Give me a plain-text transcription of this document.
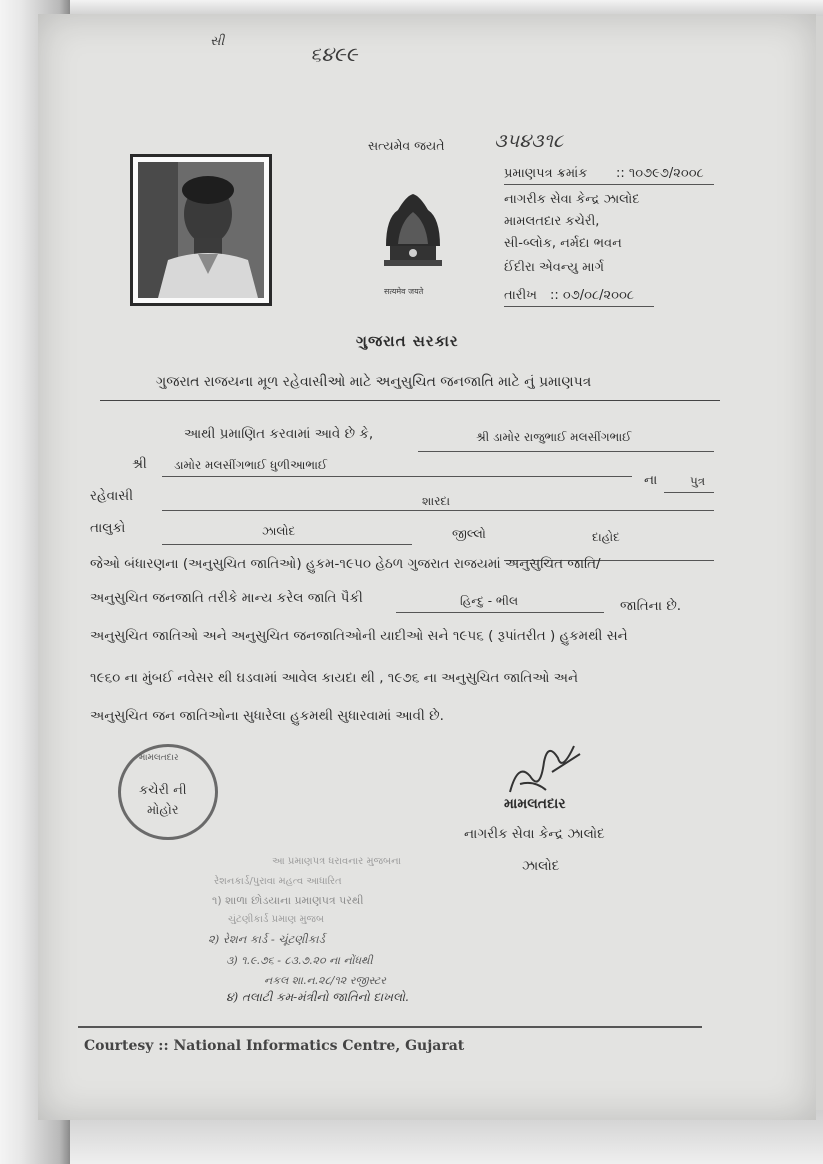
સી
૬૪૯૯
સત્યમેવ જયતે	૩૫૪૩૧૮
सत्यमेव जयते
પ્રમાણપત્ર ક્રમાંક :: ૧૦૭૯૭/૨૦૦૮
નાગરીક સેવા કેન્દ્ર ઝાલોદ
મામલતદાર કચેરી,
સી-બ્લોક, નર્મદા ભવન
ઈંદીરા એવન્યુ માર્ગ
તારીખ :: ૦૭/૦૮/૨૦૦૮
ગુજરાત સરકાર
ગુજરાત રાજયના મૂળ રહેવાસીઓ માટે અનુસુચિત જનજાતિ માટે નું પ્રમાણપત્ર
આથી પ્રમાણિત કરવામાં આવે છે કે,	શ્રી ડામોર રાજુભાઈ મલસીંગભાઈ
શ્રી ડામોર મલસીંગભાઈ ધુળીઆભાઈ
ના	પુત્ર
રહેવાસી	શારદા
તાલુકો	ઝાલોદ	જીલ્લો	દાહોદ
જેઓ બંધારણના (અનુસુચિત જાતિઓ) હુકમ-૧૯૫૦ હેઠળ ગુજરાત રાજયમાં અનુસુચિત જાતિ/
અનુસુચિત જનજાતિ તરીકે માન્ય કરેલ જાતિ પૈકી	હિન્દુ - ભીલ	જાતિના છે.
અનુસુચિત જાતિઓ અને અનુસુચિત જનજાતિઓની યાદીઓ સને ૧૯૫૬ ( રૂપાંતરીત ) હુકમથી સને
૧૯૬૦ ના મુંબઈ નવેસર થી ઘડવામાં આવેલ કાયદા થી , ૧૯૭૬ ના અનુસુચિત જાતિઓ અને
અનુસુચિત જન જાતિઓના સુધારેલા હુકમથી સુધારવામાં આવી છે.
મામલતદાર
કચેરી ની
મોહોર	મામલતદાર
નાગરીક સેવા કેન્દ્ર ઝાલોદ
ઝાલોદ
આ પ્રમાણપત્ર ધરાવનાર મુજબના
રેશનકાર્ડ/પુરાવા મહત્વ આધારિત
૧) શાળા છોડયાના પ્રમાણપત્ર પરથી
ચુંટણીકાર્ડ પ્રમાણ મુજબ
૨) રેશન કાર્ડ - ચૂંટણીકાર્ડ
૩) ૧.૯.૭૬ - ૮૩.૭.૨૦ ના નોંધથી
નકલ શા.ન.૨૮/૧૨ રજીસ્ટર
૪) તલાટી કમ-મંત્રીનો જાતિનો દાખલો.
Courtesy :: National Informatics Centre, Gujarat
